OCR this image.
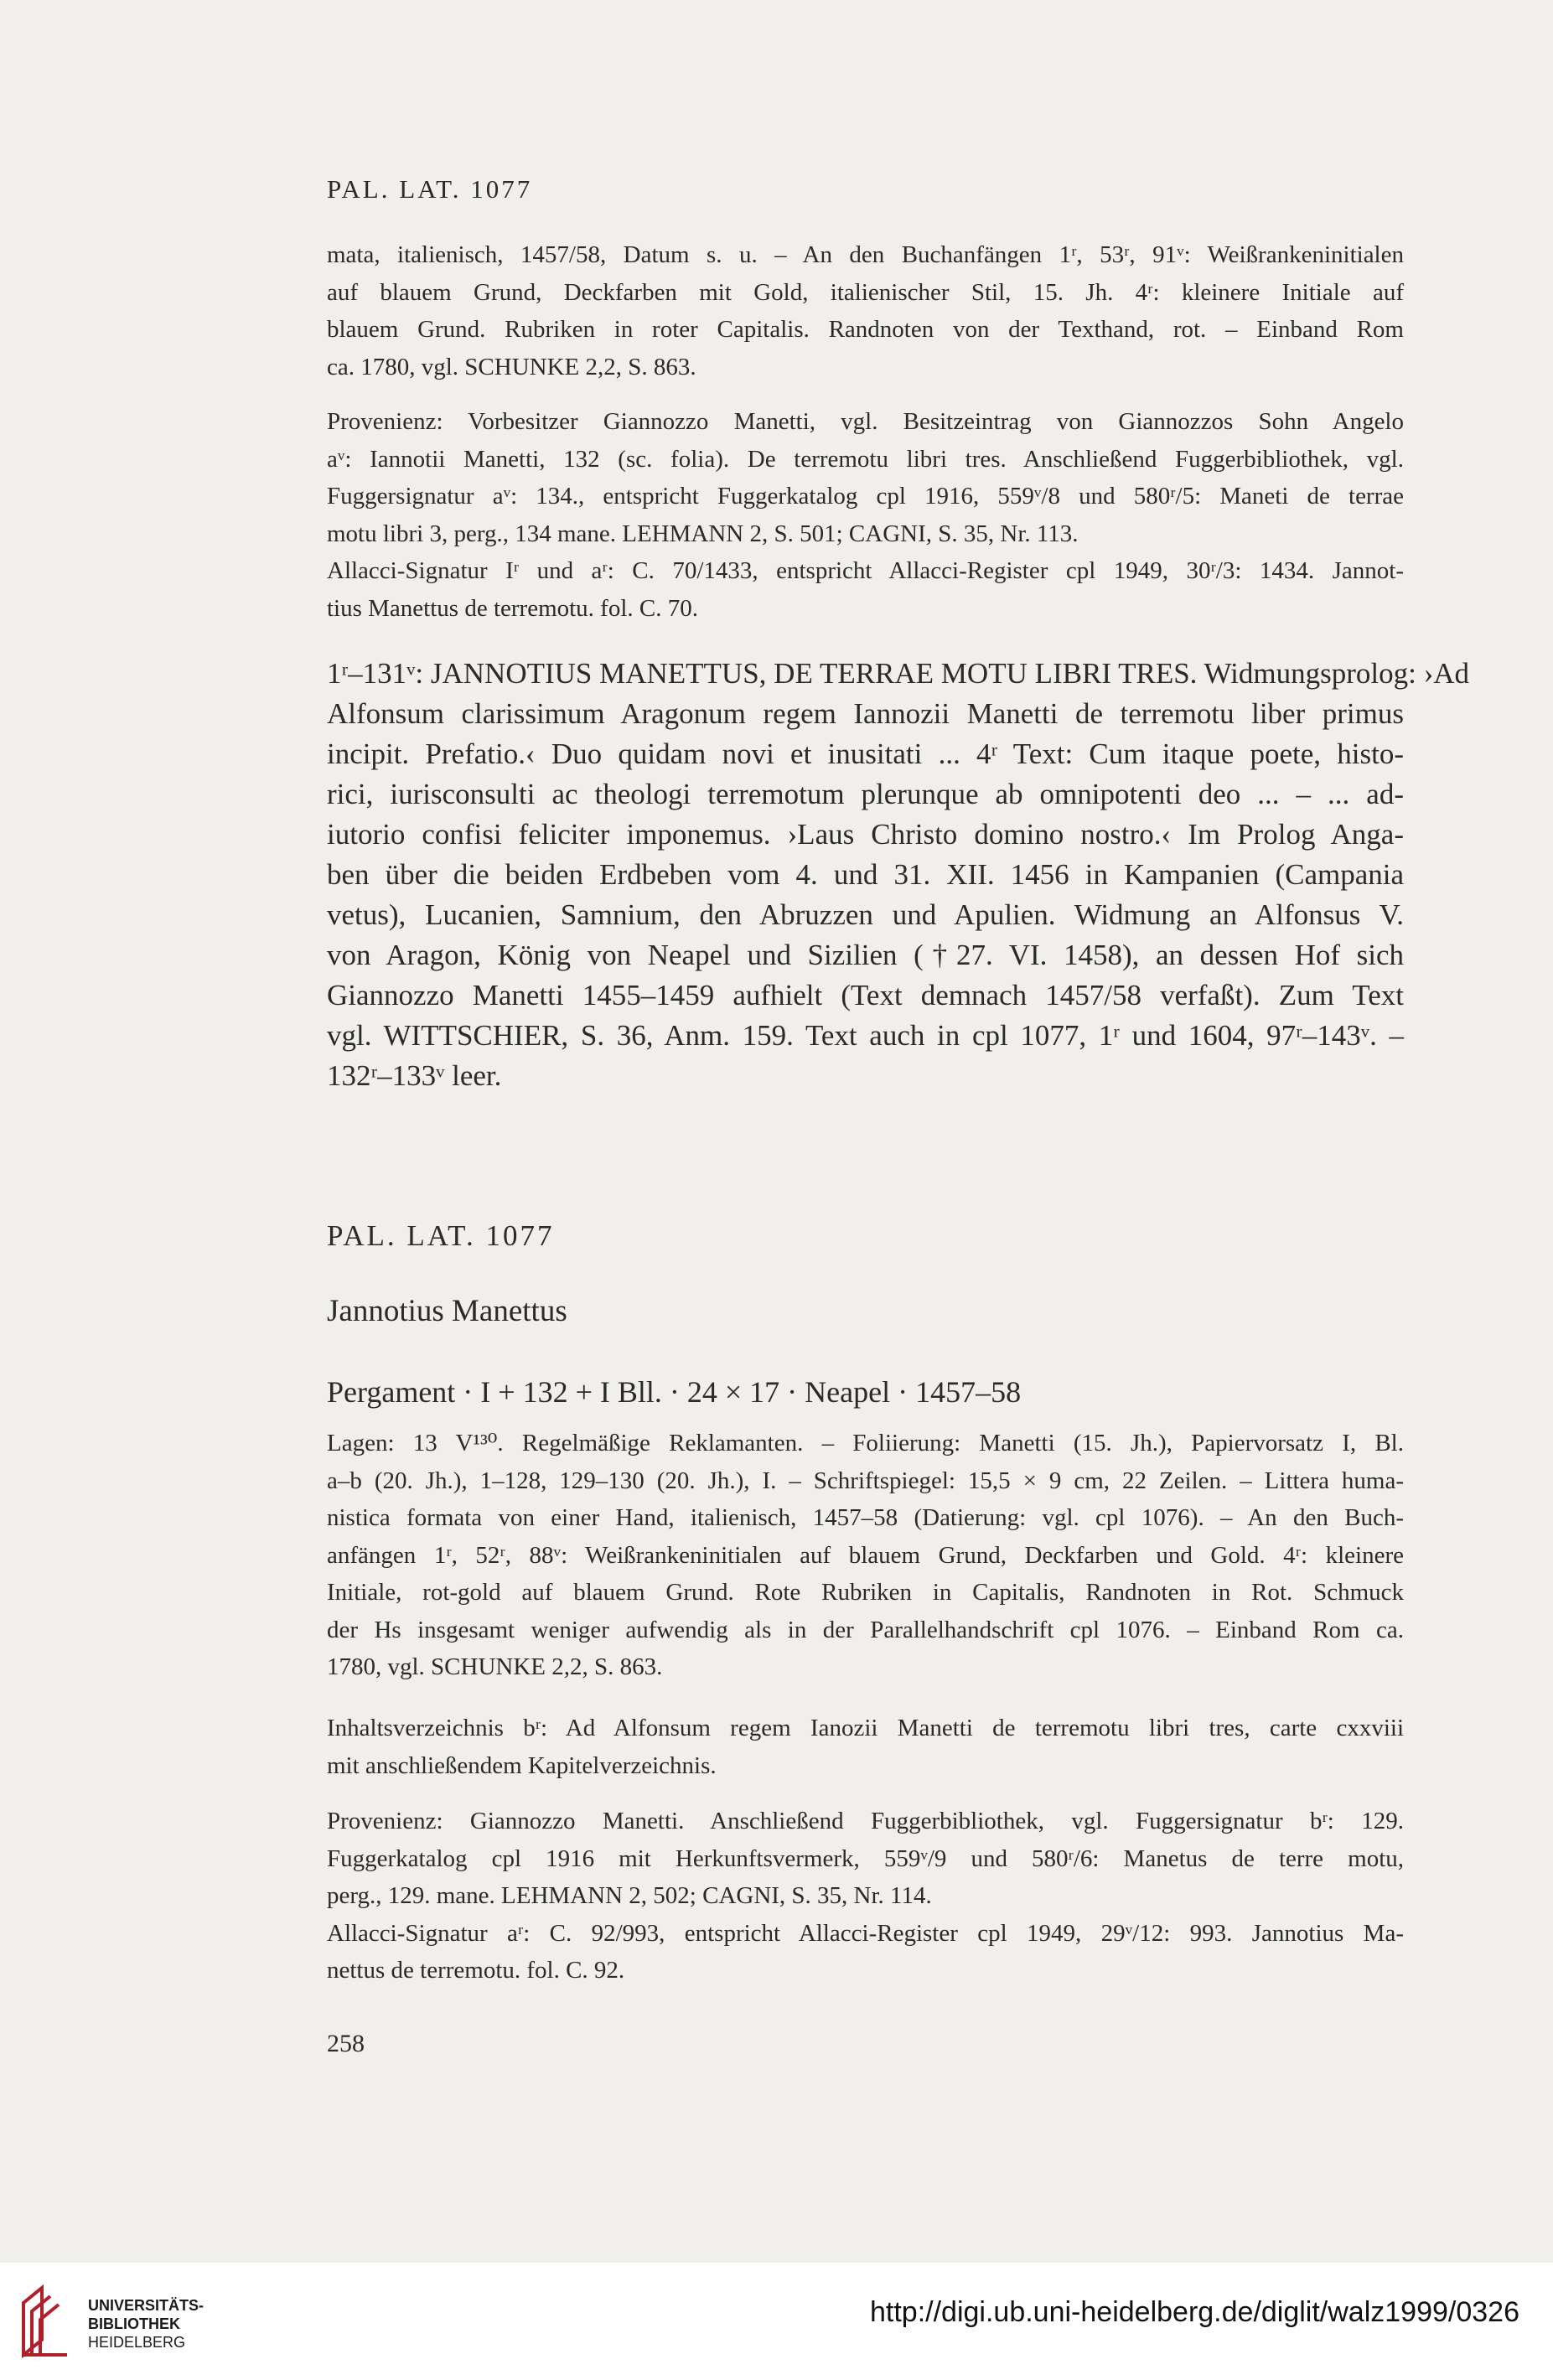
PAL. LAT. 1077
mata, italienisch, 1457/58, Datum s. u. – An den Buchanfängen 1ʳ, 53ʳ, 91ᵛ: Weißrankeninitialen
auf blauem Grund, Deckfarben mit Gold, italienischer Stil, 15. Jh. 4ʳ: kleinere Initiale auf
blauem Grund. Rubriken in roter Capitalis. Randnoten von der Texthand, rot. – Einband Rom
ca. 1780, vgl. SCHUNKE 2,2, S. 863.
Provenienz: Vorbesitzer Giannozzo Manetti, vgl. Besitzeintrag von Giannozzos Sohn Angelo
aᵛ: Iannotii Manetti, 132 (sc. folia). De terremotu libri tres. Anschließend Fuggerbibliothek, vgl.
Fuggersignatur aᵛ: 134., entspricht Fuggerkatalog cpl 1916, 559ᵛ/8 und 580ʳ/5: Maneti de terrae
motu libri 3, perg., 134 mane. LEHMANN 2, S. 501; CAGNI, S. 35, Nr. 113.
Allacci-Signatur Iʳ und aʳ: C. 70/1433, entspricht Allacci-Register cpl 1949, 30ʳ/3: 1434. Jannot-
tius Manettus de terremotu. fol. C. 70.
1ʳ–131ᵛ: JANNOTIUS MANETTUS, DE TERRAE MOTU LIBRI TRES. Widmungsprolog: ›Ad
Alfonsum clarissimum Aragonum regem Iannozii Manetti de terremotu liber primus
incipit. Prefatio.‹ Duo quidam novi et inusitati ... 4ʳ Text: Cum itaque poete, histo-
rici, iurisconsulti ac theologi terremotum plerunque ab omnipotenti deo ... – ... ad-
iutorio confisi feliciter imponemus. ›Laus Christo domino nostro.‹ Im Prolog Anga-
ben über die beiden Erdbeben vom 4. und 31. XII. 1456 in Kampanien (Campania
vetus), Lucanien, Samnium, den Abruzzen und Apulien. Widmung an Alfonsus V.
von Aragon, König von Neapel und Sizilien (†27. VI. 1458), an dessen Hof sich
Giannozzo Manetti 1455–1459 aufhielt (Text demnach 1457/58 verfaßt). Zum Text
vgl. WITTSCHIER, S. 36, Anm. 159. Text auch in cpl 1077, 1ʳ und 1604, 97ʳ–143ᵛ. –
132ʳ–133ᵛ leer.
PAL. LAT. 1077
Jannotius Manettus
Pergament · I + 132 + I Bll. · 24 × 17 · Neapel · 1457–58
Lagen: 13 V¹³⁰. Regelmäßige Reklamanten. – Foliierung: Manetti (15. Jh.), Papiervorsatz I, Bl.
a–b (20. Jh.), 1–128, 129–130 (20. Jh.), I. – Schriftspiegel: 15,5 × 9 cm, 22 Zeilen. – Littera huma-
nistica formata von einer Hand, italienisch, 1457–58 (Datierung: vgl. cpl 1076). – An den Buch-
anfängen 1ʳ, 52ʳ, 88ᵛ: Weißrankeninitialen auf blauem Grund, Deckfarben und Gold. 4ʳ: kleinere
Initiale, rot-gold auf blauem Grund. Rote Rubriken in Capitalis, Randnoten in Rot. Schmuck
der Hs insgesamt weniger aufwendig als in der Parallelhandschrift cpl 1076. – Einband Rom ca.
1780, vgl. SCHUNKE 2,2, S. 863.
Inhaltsverzeichnis bʳ: Ad Alfonsum regem Ianozii Manetti de terremotu libri tres, carte cxxviii
mit anschließendem Kapitelverzeichnis.
Provenienz: Giannozzo Manetti. Anschließend Fuggerbibliothek, vgl. Fuggersignatur bʳ: 129.
Fuggerkatalog cpl 1916 mit Herkunftsvermerk, 559ᵛ/9 und 580ʳ/6: Manetus de terre motu,
perg., 129. mane. LEHMANN 2, 502; CAGNI, S. 35, Nr. 114.
Allacci-Signatur aʳ: C. 92/993, entspricht Allacci-Register cpl 1949, 29ᵛ/12: 993. Jannotius Ma-
nettus de terremotu. fol. C. 92.
258
UNIVERSITÄTS-
BIBLIOTHEK
HEIDELBERG
http://digi.ub.uni-heidelberg.de/diglit/walz1999/0326
